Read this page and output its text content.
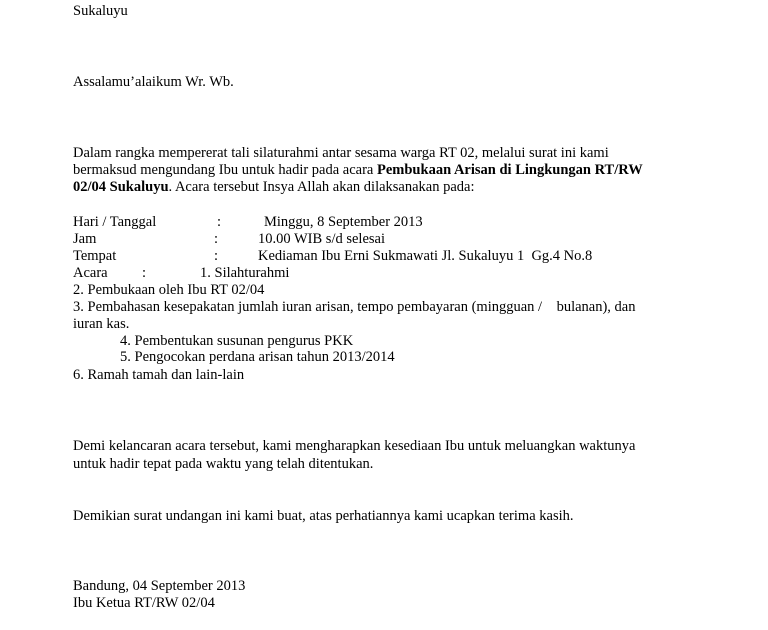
Sukaluyu

Assalamu’alaikum Wr. Wb.

Dalam rangka mempererat tali silaturahmi antar sesama warga RT 02, melalui surat ini kami

bermaksud mengundang Ibu untuk hadir pada acara Pembukaan Arisan di Lingkungan RT/RW

02/04 Sukaluyu. Acara tersebut Insya Allah akan dilaksanakan pada:

Hari / Tanggal	:	Minggu, 8 September 2013

Jam	:	10.00 WIB s/d selesai

Tempat	:	Kediaman Ibu Erni Sukmawati Jl. Sukaluyu 1  Gg.4 No.8

Acara :	1. Silahturahmi

2. Pembukaan oleh Ibu RT 02/04

3. Pembahasan kesepakatan jumlah iuran arisan, tempo pembayaran (mingguan /    bulanan), dan

iuran kas.

4. Pembentukan susunan pengurus PKK

5. Pengocokan perdana arisan tahun 2013/2014

6. Ramah tamah dan lain-lain

Demi kelancaran acara tersebut, kami mengharapkan kesediaan Ibu untuk meluangkan waktunya

untuk hadir tepat pada waktu yang telah ditentukan.

Demikian surat undangan ini kami buat, atas perhatiannya kami ucapkan terima kasih.

Bandung, 04 September 2013

Ibu Ketua RT/RW 02/04
